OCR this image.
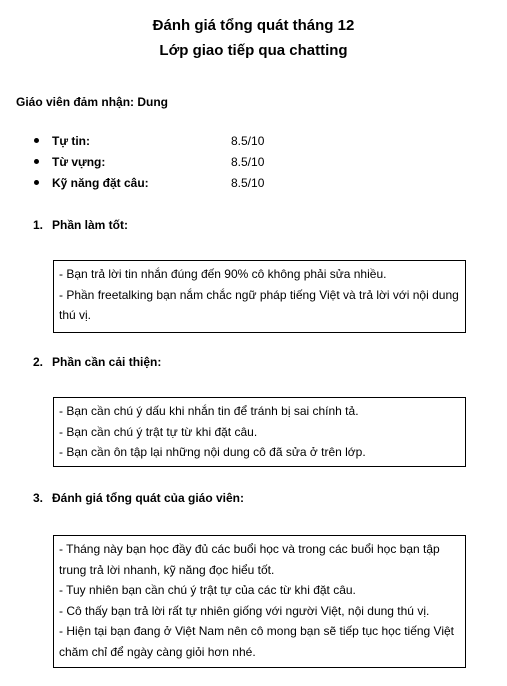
Đánh giá tổng quát tháng 12
Lớp giao tiếp qua chatting
Giáo viên đảm nhận: Dung
Tự tin:	8.5/10
Từ vựng:	8.5/10
Kỹ năng đặt câu:	8.5/10
1. Phần làm tốt:

- Bạn trả lời tin nhắn đúng đến 90% cô không phải sửa nhiều.

- Phần freetalking bạn nắm chắc ngữ pháp tiếng Việt và trả lời với nội dung

thú vị.

2. Phần cần cải thiện:

- Bạn cần chú ý dấu khi nhắn tin để tránh bị sai chính tả.

- Bạn cần chú ý trật tự từ khi đặt câu.

- Bạn cần ôn tập lại những nội dung cô đã sửa ở trên lớp.

3. Đánh giá tổng quát của giáo viên:

- Tháng này bạn học đầy đủ các buổi học và trong các buổi học bạn tập

trung trả lời nhanh, kỹ năng đọc hiểu tốt.

- Tuy nhiên bạn cần chú ý trật tự của các từ khi đặt câu.

- Cô thấy bạn trả lời rất tự nhiên giống với người Việt, nội dung thú vị.

- Hiện tại bạn đang ở Việt Nam nên cô mong bạn sẽ tiếp tục học tiếng Việt

chăm chỉ để ngày càng giỏi hơn nhé.
